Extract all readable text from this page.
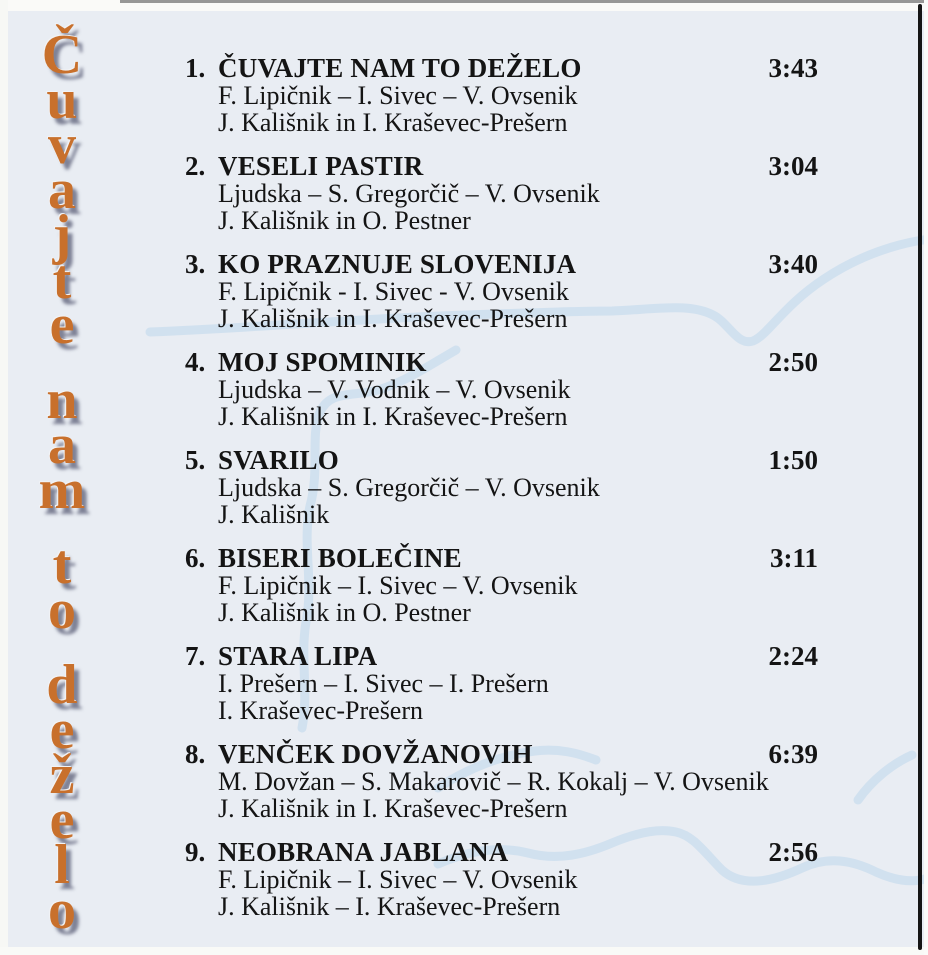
Č
u
v
a
j
t
e
n
a
m
t
o
d
e
ž
e
l
o
1. ČUVAJTE NAM TO DEŽELO	3:43
F. Lipičnik – I. Sivec – V. Ovsenik
J. Kališnik in I. Kraševec-Prešern
2. VESELI PASTIR	3:04
Ljudska – S. Gregorčič – V. Ovsenik
J. Kališnik in O. Pestner
3. KO PRAZNUJE SLOVENIJA	3:40
F. Lipičnik - I. Sivec - V. Ovsenik
J. Kališnik in I. Kraševec-Prešern
4. MOJ SPOMINIK	2:50
Ljudska – V. Vodnik – V. Ovsenik
J. Kališnik in I. Kraševec-Prešern
5. SVARILO	1:50
Ljudska – S. Gregorčič – V. Ovsenik
J. Kališnik
6. BISERI BOLEČINE	3:11
F. Lipičnik – I. Sivec – V. Ovsenik
J. Kališnik in O. Pestner
7. STARA LIPA	2:24
I. Prešern – I. Sivec – I. Prešern
I. Kraševec-Prešern
8. VENČEK DOVŽANOVIH	6:39
M. Dovžan – S. Makarovič – R. Kokalj – V. Ovsenik
J. Kališnik in I. Kraševec-Prešern
9. NEOBRANA JABLANA	2:56
F. Lipičnik – I. Sivec – V. Ovsenik
J. Kališnik – I. Kraševec-Prešern
